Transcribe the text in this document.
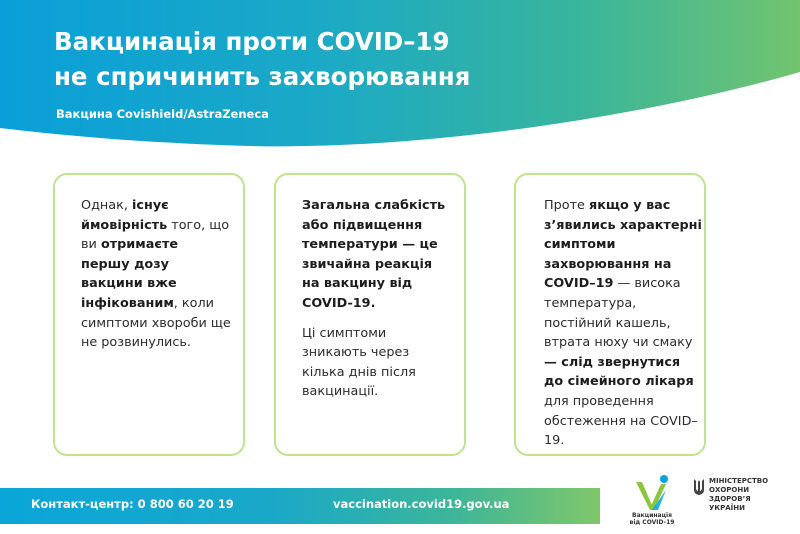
Вакцинація проти COVID–19
не спричинить захворювання
Вакцина Covishield/AstraZeneca
Однак, існує ймовірність того, що ви отримаєте першу дозу вакцини вже інфікованим, коли симптоми хвороби ще не розвинулись.

Загальна слабкість або підвищення температури — це звичайна реакція на вакцину від COVID-19.

Ці симптоми зникають через кілька днів після вакцинації.

Проте якщо у вас з’явились характерні симптоми захворювання на COVID–19 — висока температура, постійний кашель, втрата нюху чи смаку — слід звернутися до сімейного лікаря для проведення обстеження на COVID–19.
Контакт-центр: 0 800 60 20 19	vaccination.covid19.gov.ua
Вакцинація
від COVID-19
МІНІСТЕРСТВО
ОХОРОНИ
ЗДОРОВ’Я
УКРАЇНИ
